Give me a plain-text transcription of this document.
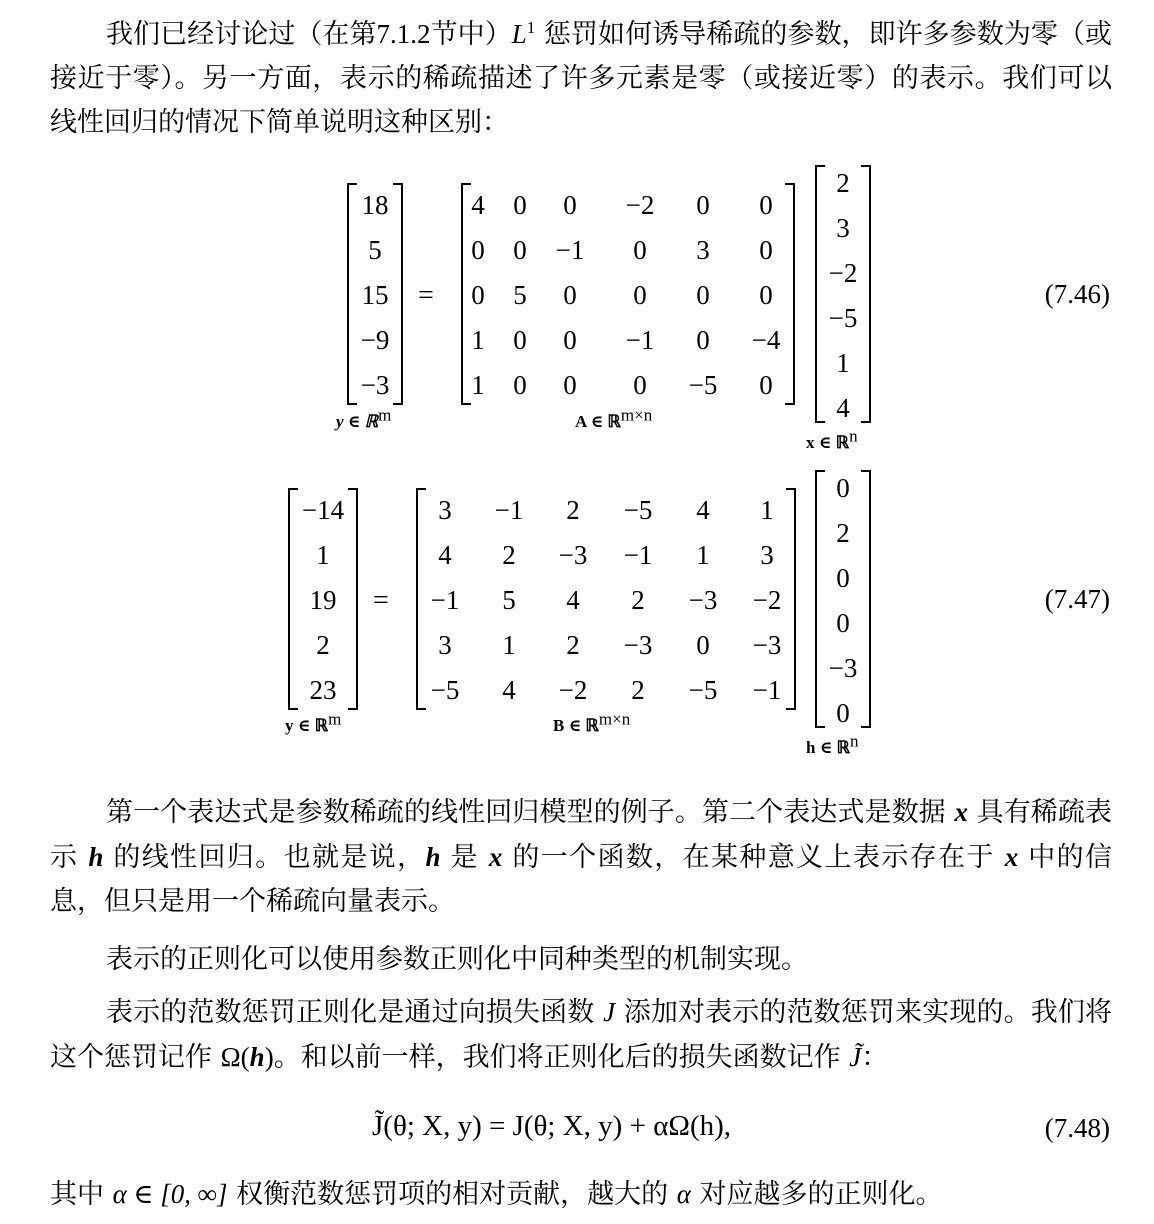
我们已经讨论过（在第7.1.2节中）$L^1$ 惩罚如何诱导稀疏的参数，即许多参数为零（或接近于零）。另一方面，表示的稀疏描述了许多元素是零（或接近零）的表示。我们可以线性回归的情况下简单说明这种区别：

18
5
15
−9
−3
=
4	0	0	−2	0	0
0	0	−1	0	3	0
0	5	0	0	0	0
1	0	0	−1	0	−4
1	0	0	0	−5	0
2
3
−2
−5
1
4
y ∈ ℝ$^m$	A ∈ ℝ$^{m\times n}$
x ∈ ℝ$^n$
(7.46)
−14
1
19
2
23
=
3	−1	2	−5	4	1
4	2	−3	−1	1	3
−1	5	4	2	−3	−2
3	1	2	−3	0	−3
−5	4	−2	2	−5	−1
0
2
0
0
−3
0
y ∈ ℝ$^m$	B ∈ ℝ$^{m\times n}$
h ∈ ℝ$^n$
(7.47)

第一个表达式是参数稀疏的线性回归模型的例子。第二个表达式是数据 x 具有稀疏表示 h 的线性回归。也就是说，h 是 x 的一个函数，在某种意义上表示存在于 x 中的信息，但只是用一个稀疏向量表示。

表示的正则化可以使用参数正则化中同种类型的机制实现。

表示的范数惩罚正则化是通过向损失函数 J 添加对表示的范数惩罚来实现的。我们将这个惩罚记作 Ω(h)。和以前一样，我们将正则化后的损失函数记作 J̃：

J̃(θ; X, y) = J(θ; X, y) + αΩ(h),	(7.48)

其中 α ∈ [0, ∞] 权衡范数惩罚项的相对贡献，越大的 α 对应越多的正则化。
